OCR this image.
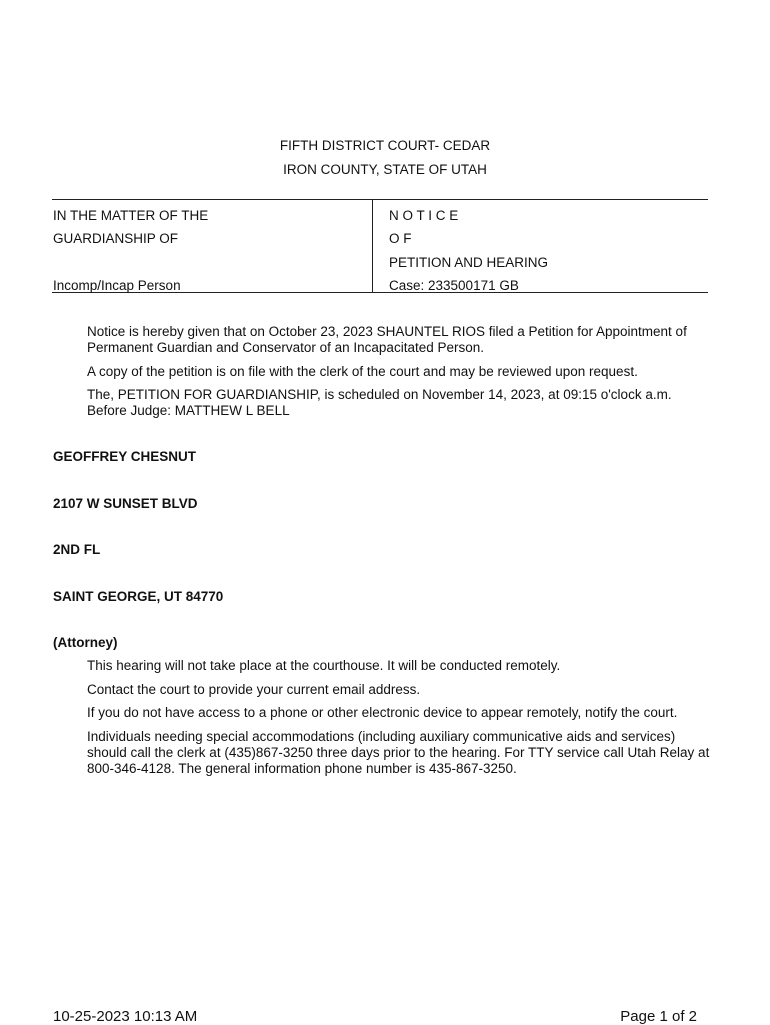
FIFTH DISTRICT COURT- CEDAR
IRON COUNTY, STATE OF UTAH
IN THE MATTER OF THE
GUARDIANSHIP OF
Incomp/Incap Person
N O T I C E
O F
PETITION AND HEARING
Case: 233500171 GB
Notice is hereby given that on October 23, 2023 SHAUNTEL RIOS filed a Petition for Appointment of Permanent Guardian and Conservator of an Incapacitated Person.
A copy of the petition is on file with the clerk of the court and may be reviewed upon request.
The, PETITION FOR GUARDIANSHIP, is scheduled on November 14, 2023, at 09:15 o'clock a.m.
Before Judge: MATTHEW L BELL
GEOFFREY CHESNUT
2107 W SUNSET BLVD
2ND FL
SAINT GEORGE, UT 84770
(Attorney)
This hearing will not take place at the courthouse. It will be conducted remotely.
Contact the court to provide your current email address.
If you do not have access to a phone or other electronic device to appear remotely, notify the court.
Individuals needing special accommodations (including auxiliary communicative aids and services) should call the clerk at (435)867-3250 three days prior to the hearing. For TTY service call Utah Relay at 800-346-4128. The general information phone number is 435-867-3250.
10-25-2023 10:13 AM	Page 1 of 2
